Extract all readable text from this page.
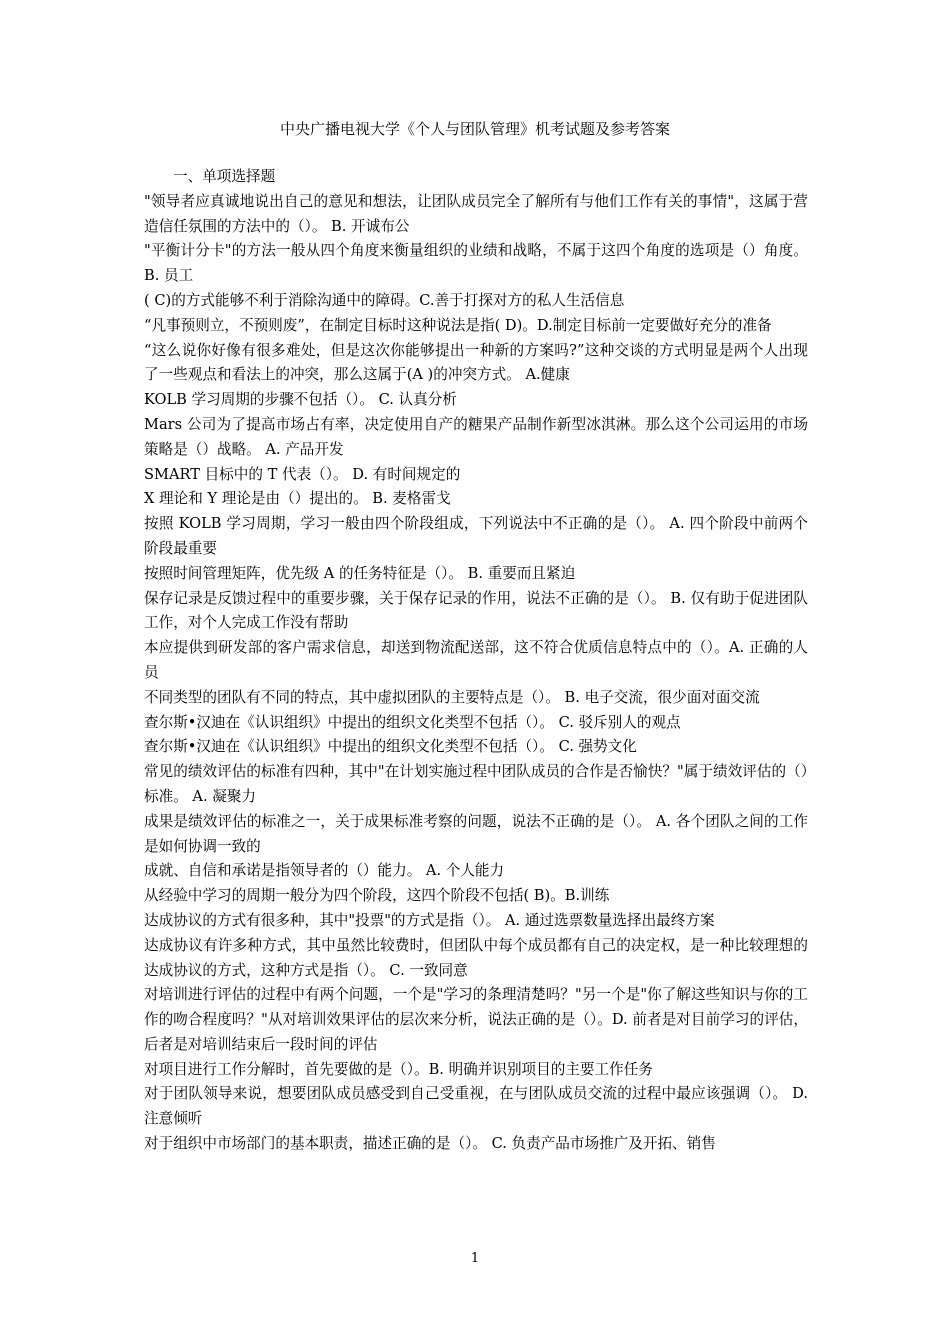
中央广播电视大学《个人与团队管理》机考试题及参考答案

一、单项选择题

"领导者应真诚地说出自己的意见和想法，让团队成员完全了解所有与他们工作有关的事情"，这属于营造信任氛围的方法中的（）。 B. 开诚布公

"平衡计分卡"的方法一般从四个角度来衡量组织的业绩和战略，不属于这四个角度的选项是（）角度。 B. 员工

( C)的方式能够不利于消除沟通中的障碍。C.善于打探对方的私人生活信息

“凡事预则立，不预则废”，在制定目标时这种说法是指( D)。D.制定目标前一定要做好充分的准备

“这么说你好像有很多难处，但是这次你能够提出一种新的方案吗?”这种交谈的方式明显是两个人出现了一些观点和看法上的冲突，那么这属于(A )的冲突方式。 A.健康

KOLB 学习周期的步骤不包括（）。 C. 认真分析

Mars 公司为了提高市场占有率，决定使用自产的糖果产品制作新型冰淇淋。那么这个公司运用的市场策略是（）战略。 A. 产品开发

SMART 目标中的 T 代表（）。 D. 有时间规定的

X 理论和 Y 理论是由（）提出的。 B. 麦格雷戈

按照 KOLB 学习周期，学习一般由四个阶段组成，下列说法中不正确的是（）。 A. 四个阶段中前两个阶段最重要

按照时间管理矩阵，优先级 A 的任务特征是（）。 B. 重要而且紧迫

保存记录是反馈过程中的重要步骤，关于保存记录的作用，说法不正确的是（）。 B. 仅有助于促进团队工作，对个人完成工作没有帮助

本应提供到研发部的客户需求信息，却送到物流配送部，这不符合优质信息特点中的（）。A. 正确的人员

不同类型的团队有不同的特点，其中虚拟团队的主要特点是（）。 B. 电子交流，很少面对面交流

查尔斯•汉迪在《认识组织》中提出的组织文化类型不包括（）。 C. 驳斥别人的观点

查尔斯•汉迪在《认识组织》中提出的组织文化类型不包括（）。 C. 强势文化

常见的绩效评估的标准有四种，其中"在计划实施过程中团队成员的合作是否愉快？"属于绩效评估的（）标准。 A. 凝聚力

成果是绩效评估的标准之一，关于成果标准考察的问题，说法不正确的是（）。 A. 各个团队之间的工作是如何协调一致的

成就、自信和承诺是指领导者的（）能力。 A. 个人能力

从经验中学习的周期一般分为四个阶段，这四个阶段不包括( B)。B.训练

达成协议的方式有很多种，其中"投票"的方式是指（）。 A. 通过选票数量选择出最终方案

达成协议有许多种方式，其中虽然比较费时，但团队中每个成员都有自己的决定权，是一种比较理想的达成协议的方式，这种方式是指（）。 C. 一致同意

对培训进行评估的过程中有两个问题，一个是"学习的条理清楚吗？"另一个是"你了解这些知识与你的工作的吻合程度吗？"从对培训效果评估的层次来分析，说法正确的是（）。D. 前者是对目前学习的评估，后者是对培训结束后一段时间的评估

对项目进行工作分解时，首先要做的是（）。B. 明确并识别项目的主要工作任务

对于团队领导来说，想要团队成员感受到自己受重视，在与团队成员交流的过程中最应该强调（）。 D. 注意倾听

对于组织中市场部门的基本职责，描述正确的是（）。 C. 负责产品市场推广及开拓、销售

1
